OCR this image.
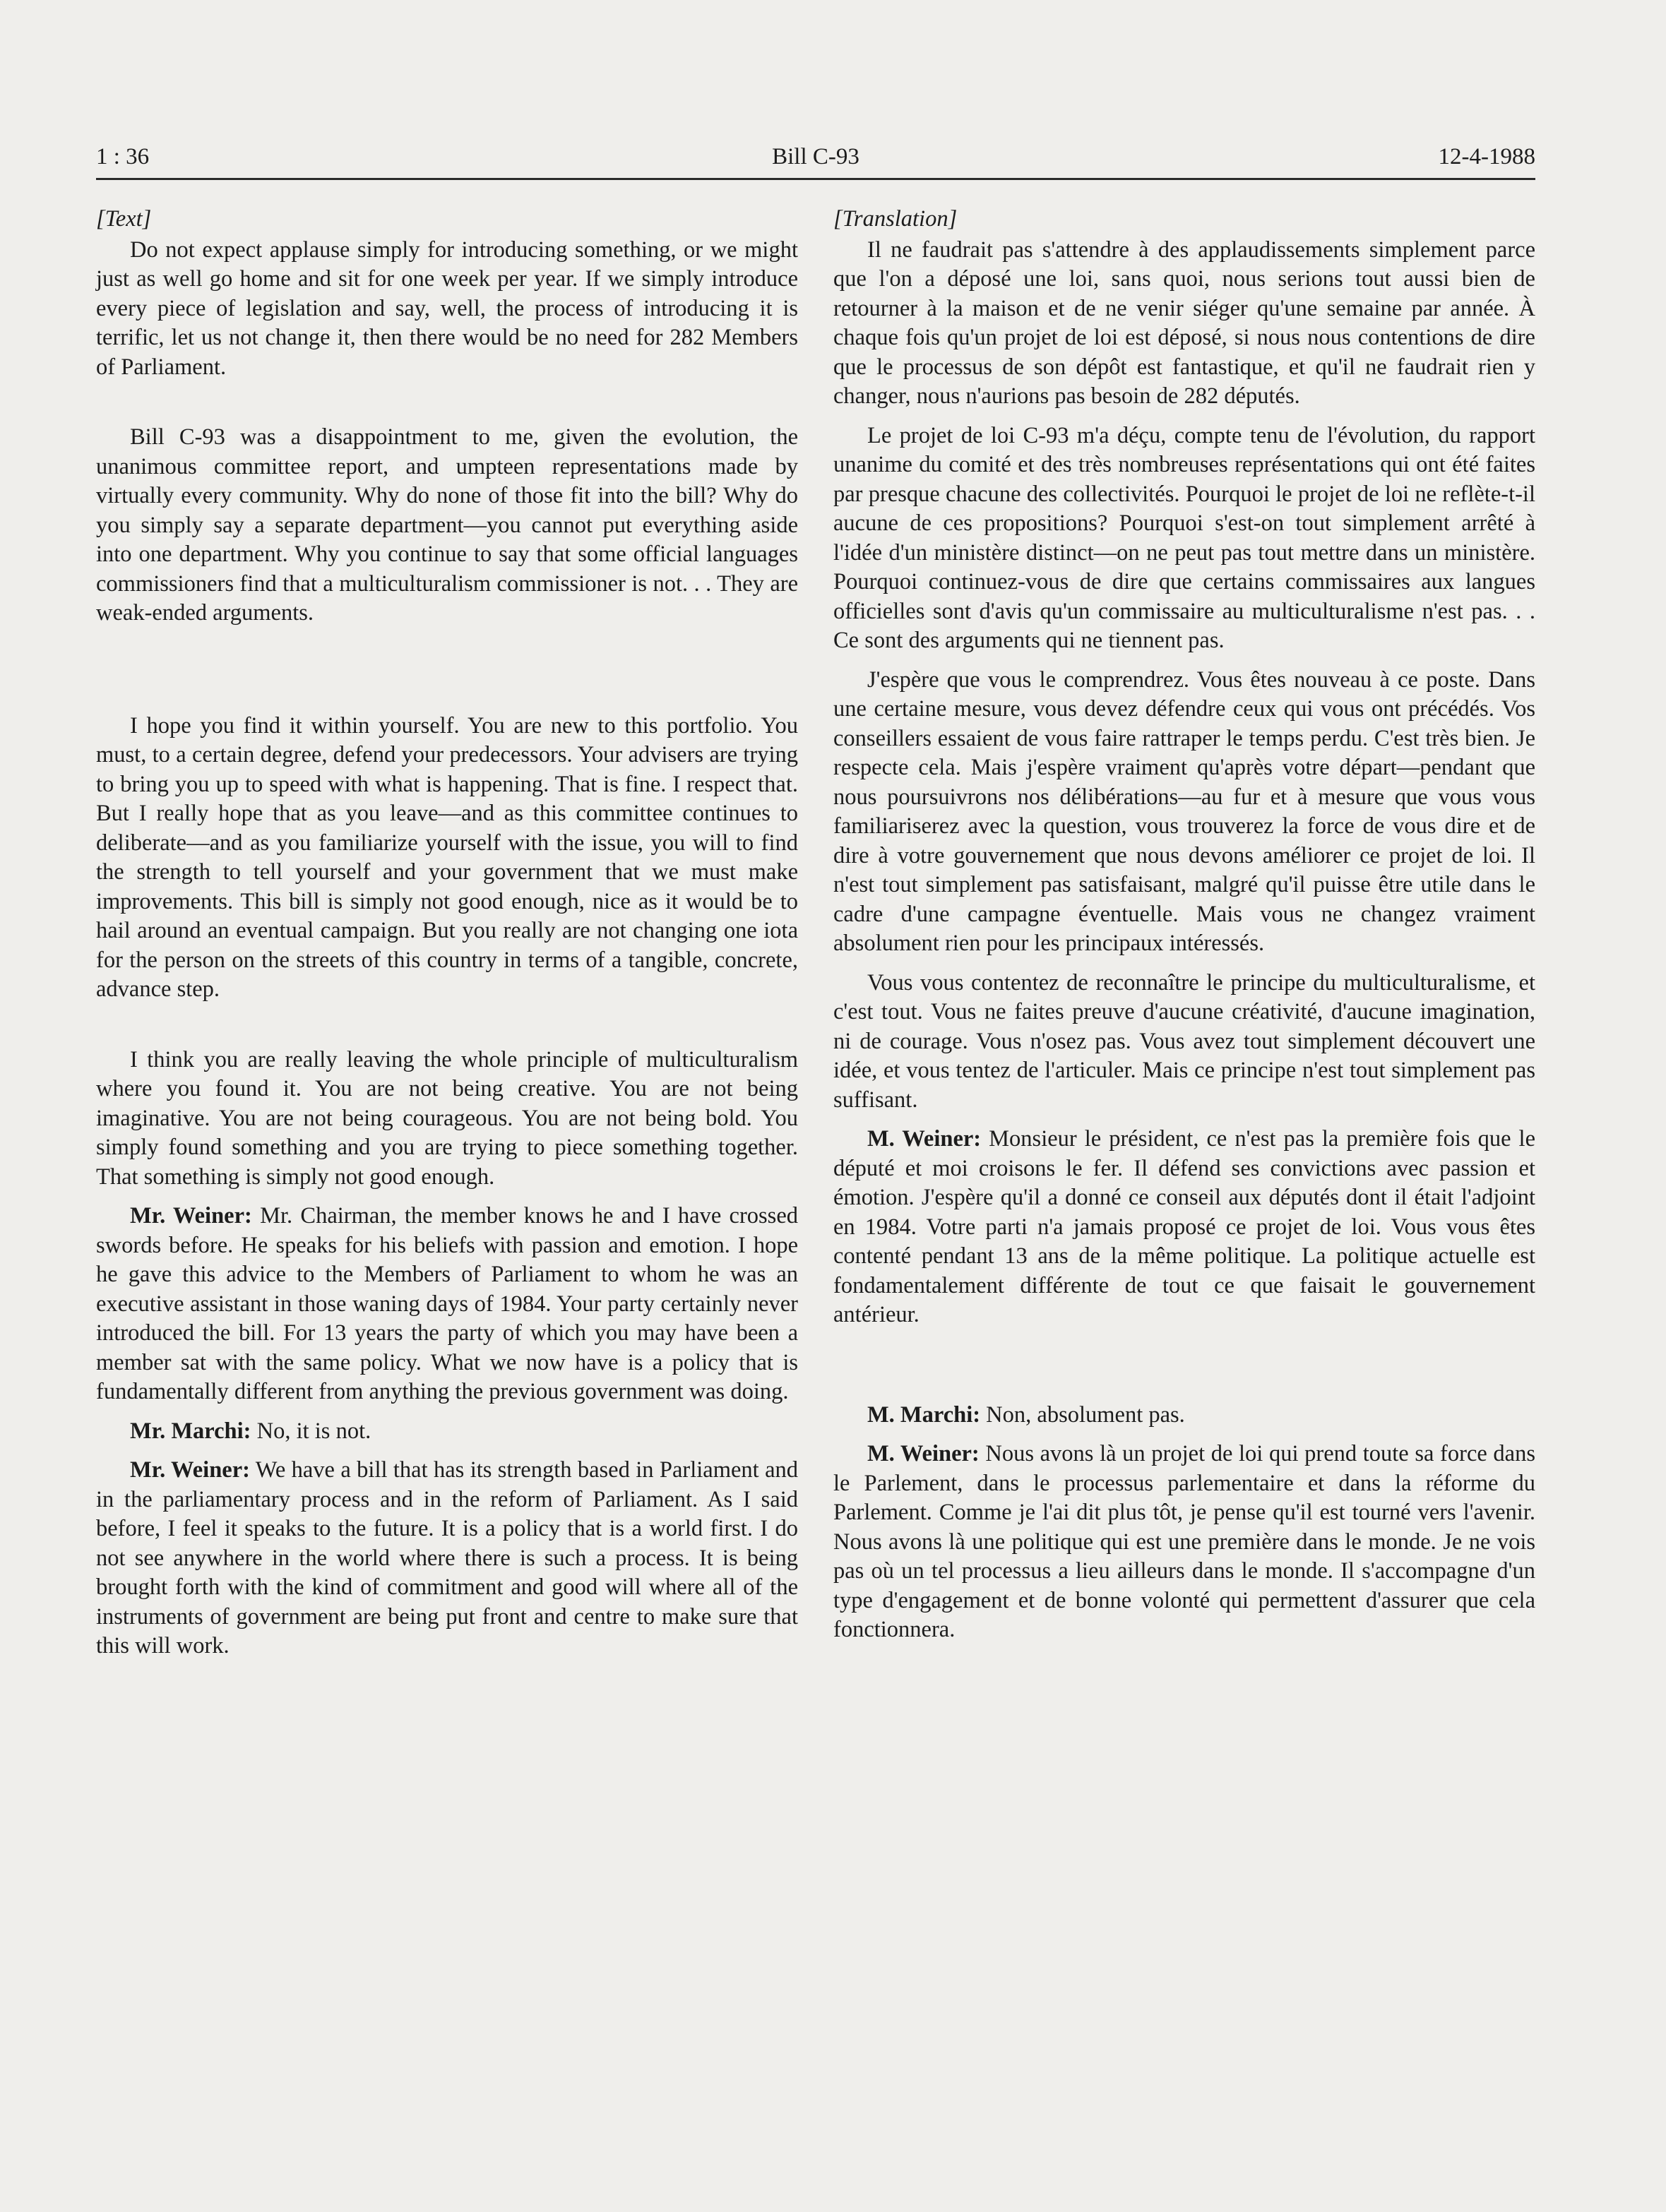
1 : 36	Bill C-93	12-4-1988
[Text]

Do not expect applause simply for introducing something, or we might just as well go home and sit for one week per year. If we simply introduce every piece of legislation and say, well, the process of introducing it is terrific, let us not change it, then there would be no need for 282 Members of Parliament.

Bill C-93 was a disappointment to me, given the evolution, the unanimous committee report, and umpteen representations made by virtually every community. Why do none of those fit into the bill? Why do you simply say a separate department—you cannot put everything aside into one department. Why you continue to say that some official languages commissioners find that a multiculturalism commissioner is not. . . They are weak-ended arguments.

I hope you find it within yourself. You are new to this portfolio. You must, to a certain degree, defend your predecessors. Your advisers are trying to bring you up to speed with what is happening. That is fine. I respect that. But I really hope that as you leave—and as this committee continues to deliberate—and as you familiarize yourself with the issue, you will to find the strength to tell yourself and your government that we must make improvements. This bill is simply not good enough, nice as it would be to hail around an eventual campaign. But you really are not changing one iota for the person on the streets of this country in terms of a tangible, concrete, advance step.

I think you are really leaving the whole principle of multiculturalism where you found it. You are not being creative. You are not being imaginative. You are not being courageous. You are not being bold. You simply found something and you are trying to piece something together. That something is simply not good enough.

Mr. Weiner: Mr. Chairman, the member knows he and I have crossed swords before. He speaks for his beliefs with passion and emotion. I hope he gave this advice to the Members of Parliament to whom he was an executive assistant in those waning days of 1984. Your party certainly never introduced the bill. For 13 years the party of which you may have been a member sat with the same policy. What we now have is a policy that is fundamentally different from anything the previous government was doing.

Mr. Marchi: No, it is not.

Mr. Weiner: We have a bill that has its strength based in Parliament and in the parliamentary process and in the reform of Parliament. As I said before, I feel it speaks to the future. It is a policy that is a world first. I do not see anywhere in the world where there is such a process. It is being brought forth with the kind of commitment and good will where all of the instruments of government are being put front and centre to make sure that this will work.

[Translation]

Il ne faudrait pas s'attendre à des applaudissements simplement parce que l'on a déposé une loi, sans quoi, nous serions tout aussi bien de retourner à la maison et de ne venir siéger qu'une semaine par année. À chaque fois qu'un projet de loi est déposé, si nous nous contentions de dire que le processus de son dépôt est fantastique, et qu'il ne faudrait rien y changer, nous n'aurions pas besoin de 282 députés.

Le projet de loi C-93 m'a déçu, compte tenu de l'évolution, du rapport unanime du comité et des très nombreuses représentations qui ont été faites par presque chacune des collectivités. Pourquoi le projet de loi ne reflète-t-il aucune de ces propositions? Pourquoi s'est-on tout simplement arrêté à l'idée d'un ministère distinct—on ne peut pas tout mettre dans un ministère. Pourquoi continuez-vous de dire que certains commissaires aux langues officielles sont d'avis qu'un commissaire au multiculturalisme n'est pas. . . Ce sont des arguments qui ne tiennent pas.

J'espère que vous le comprendrez. Vous êtes nouveau à ce poste. Dans une certaine mesure, vous devez défendre ceux qui vous ont précédés. Vos conseillers essaient de vous faire rattraper le temps perdu. C'est très bien. Je respecte cela. Mais j'espère vraiment qu'après votre départ—pendant que nous poursuivrons nos délibérations—au fur et à mesure que vous vous familiariserez avec la question, vous trouverez la force de vous dire et de dire à votre gouvernement que nous devons améliorer ce projet de loi. Il n'est tout simplement pas satisfaisant, malgré qu'il puisse être utile dans le cadre d'une campagne éventuelle. Mais vous ne changez vraiment absolument rien pour les principaux intéressés.

Vous vous contentez de reconnaître le principe du multiculturalisme, et c'est tout. Vous ne faites preuve d'aucune créativité, d'aucune imagination, ni de courage. Vous n'osez pas. Vous avez tout simplement découvert une idée, et vous tentez de l'articuler. Mais ce principe n'est tout simplement pas suffisant.

M. Weiner: Monsieur le président, ce n'est pas la première fois que le député et moi croisons le fer. Il défend ses convictions avec passion et émotion. J'espère qu'il a donné ce conseil aux députés dont il était l'adjoint en 1984. Votre parti n'a jamais proposé ce projet de loi. Vous vous êtes contenté pendant 13 ans de la même politique. La politique actuelle est fondamentalement différente de tout ce que faisait le gouvernement antérieur.

M. Marchi: Non, absolument pas.

M. Weiner: Nous avons là un projet de loi qui prend toute sa force dans le Parlement, dans le processus parlementaire et dans la réforme du Parlement. Comme je l'ai dit plus tôt, je pense qu'il est tourné vers l'avenir. Nous avons là une politique qui est une première dans le monde. Je ne vois pas où un tel processus a lieu ailleurs dans le monde. Il s'accompagne d'un type d'engagement et de bonne volonté qui permettent d'assurer que cela fonctionnera.
